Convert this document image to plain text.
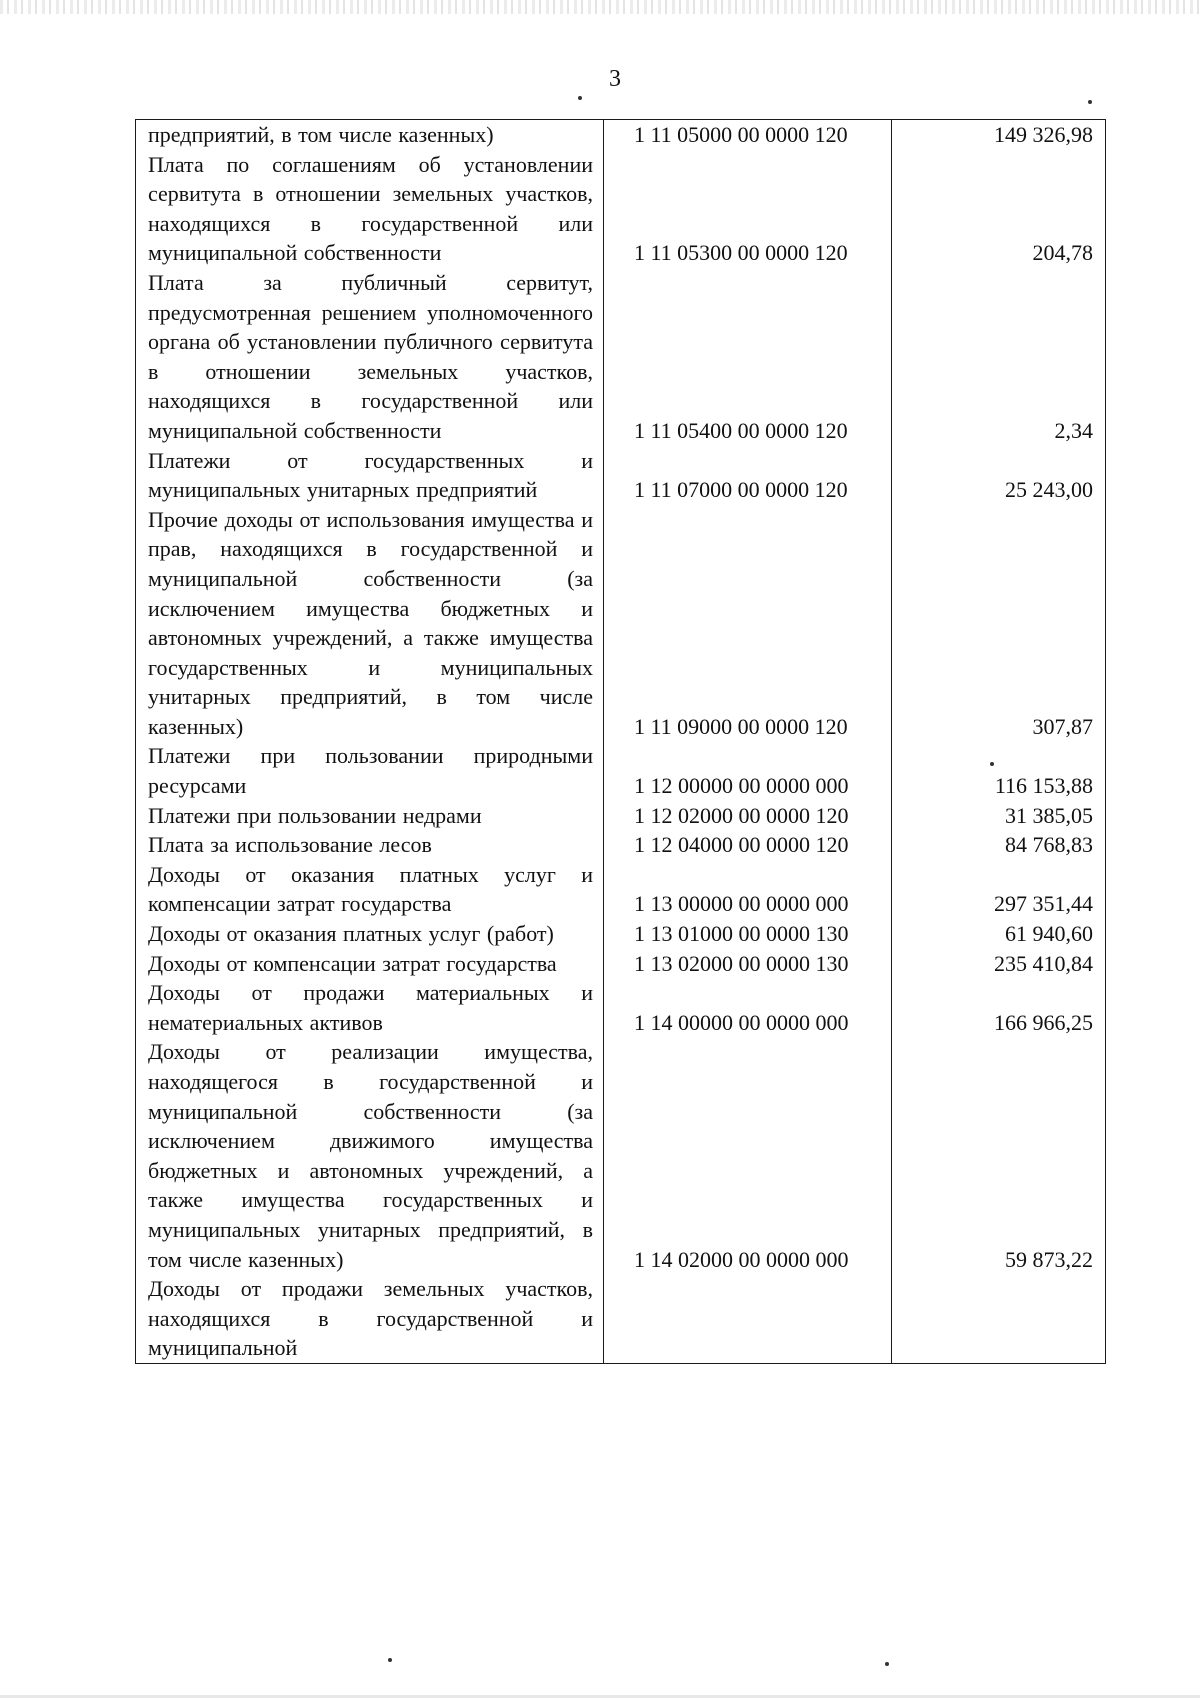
3
предприятий, в том числе казенных)	1 11 05000 00 0000 120	149 326,98
Плата по соглашениям об установлении сервитута в отношении земельных участков, находящихся в государственной или муниципальной собственности	1 11 05300 00 0000 120	204,78
Плата за публичный сервитут, предусмотренная решением уполномоченного органа об установлении публичного сервитута в отношении земельных участков, находящихся в государственной или муниципальной собственности	1 11 05400 00 0000 120	2,34
Платежи от государственных и муниципальных унитарных предприятий	1 11 07000 00 0000 120	25 243,00
Прочие доходы от использования имущества и прав, находящихся в государственной и муниципальной собственности (за исключением имущества бюджетных и автономных учреждений, а также имущества государственных и муниципальных унитарных предприятий, в том числе казенных)	1 11 09000 00 0000 120	307,87
Платежи при пользовании природными ресурсами	1 12 00000 00 0000 000	116 153,88
Платежи при пользовании недрами	1 12 02000 00 0000 120	31 385,05
Плата за использование лесов	1 12 04000 00 0000 120	84 768,83
Доходы от оказания платных услуг и компенсации затрат государства	1 13 00000 00 0000 000	297 351,44
Доходы от оказания платных услуг (работ)	1 13 01000 00 0000 130	61 940,60
Доходы от компенсации затрат государства	1 13 02000 00 0000 130	235 410,84
Доходы от продажи материальных и нематериальных активов	1 14 00000 00 0000 000	166 966,25
Доходы от реализации имущества, находящегося в государственной и муниципальной собственности (за исключением движимого имущества бюджетных и автономных учреждений, а также имущества государственных и муниципальных унитарных предприятий, в том числе казенных)	1 14 02000 00 0000 000	59 873,22
Доходы от продажи земельных участков, находящихся в государственной и муниципальной		
